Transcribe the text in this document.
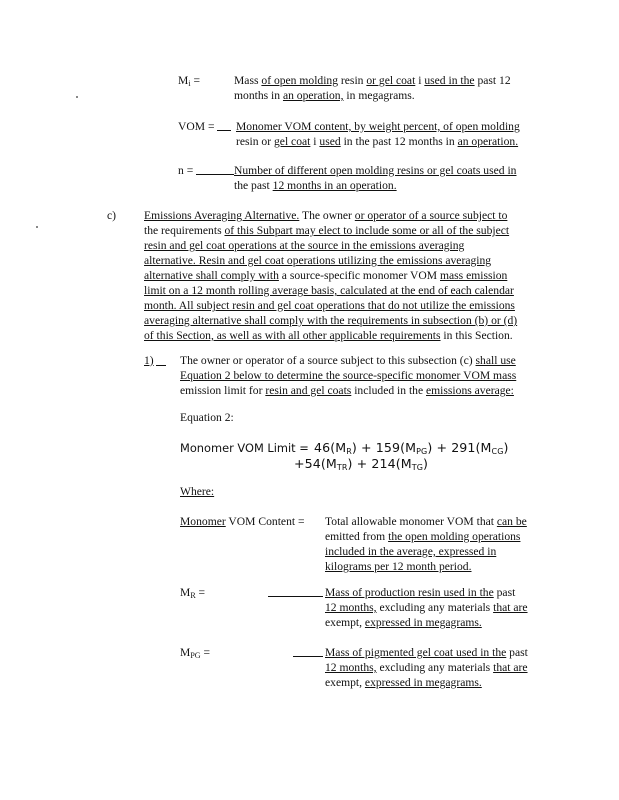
$M_i$ =	Mass of open molding resin or gel coat i used in the past 12
months in an operation, in megagrams.
VOM = Monomer VOM content, by weight percent, of open molding
resin or gel coat i used in the past 12 months in an operation.
n =	Number of different open molding resins or gel coats used in
the past 12 months in an operation.
c) Emissions Averaging Alternative. The owner or operator of a source subject to
the requirements of this Subpart may elect to include some or all of the subject
resin and gel coat operations at the source in the emissions averaging
alternative. Resin and gel coat operations utilizing the emissions averaging
alternative shall comply with a source-specific monomer VOM mass emission
limit on a 12 month rolling average basis, calculated at the end of each calendar
month. All subject resin and gel coat operations that do not utilize the emissions
averaging alternative shall comply with the requirements in subsection (b) or (d)
of this Section, as well as with all other applicable requirements in this Section.
1) The owner or operator of a source subject to this subsection (c) shall use
Equation 2 below to determine the source-specific monomer VOM mass
emission limit for resin and gel coats included in the emissions average:
Equation 2:
Monomer VOM Limit = $46(M_R) + 159(M_{PG}) + 291(M_{CG})$
$+54(M_{TR}) + 214(M_{TG})$
Where:
Monomer VOM Content = Total allowable monomer VOM that can be
emitted from the open molding operations
included in the average, expressed in
kilograms per 12 month period.
$M_R$ =	Mass of production resin used in the past
12 months, excluding any materials that are
exempt, expressed in megagrams.
$M_{PG}$ =	Mass of pigmented gel coat used in the past
12 months, excluding any materials that are
exempt, expressed in megagrams.
